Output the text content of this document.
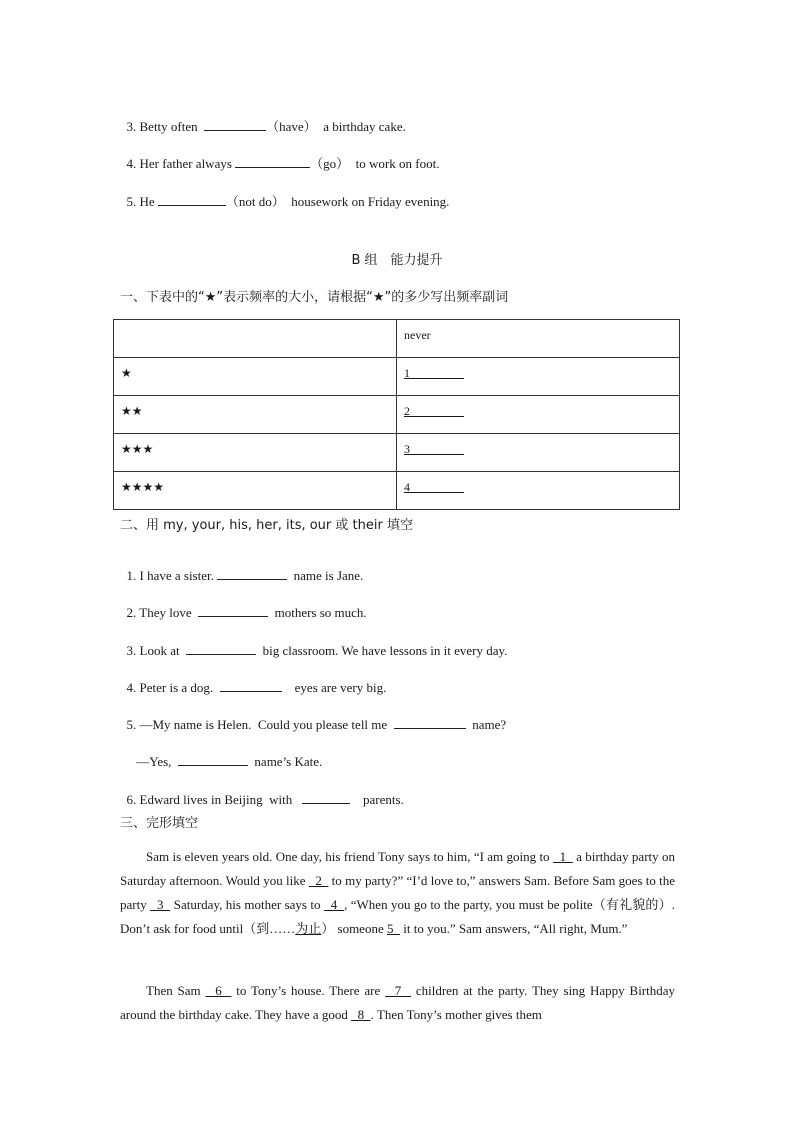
3. Betty often	（have）  a birthday cake.

4. Her father always	（go）  to work on foot.

5. He	（not do）  housework on Friday evening.

B 组　能力提升
一、下表中的“★”表示频率的大小，请根据“★”的多少写出频率副词

	never

★	1

★★	2

★★★	3

★★★★	4
二、用 my, your, his, her, its, our 或 their 填空

1. I have a sister.	name is Jane.

2. They love	mothers so much.

3. Look at	big classroom. We have lessons in it every day.

4. Peter is a dog.	eyes are very big.

5. —My name is Helen.  Could you please tell me	name?

—Yes,	name’s Kate.

6. Edward lives in Beijing  with	parents.

三、完形填空
Sam is eleven years old. One day, his friend Tony says to him, “I am going to   1   a birthday party on Saturday afternoon. Would you like   2   to my party?” “I’d love to,” answers Sam. Before Sam goes to the party   3   Saturday, his mother says to   4  , “When you go to the party, you must be polite（有礼貌的）. Don’t ask for food until（到……为止） someone 5   it to you.” Sam answers, “All right, Mum.”
Then Sam   6   to Tony’s house. There are   7   children at the party. They sing Happy Birthday around the birthday cake. They have a good   8  . Then Tony’s mother gives them
